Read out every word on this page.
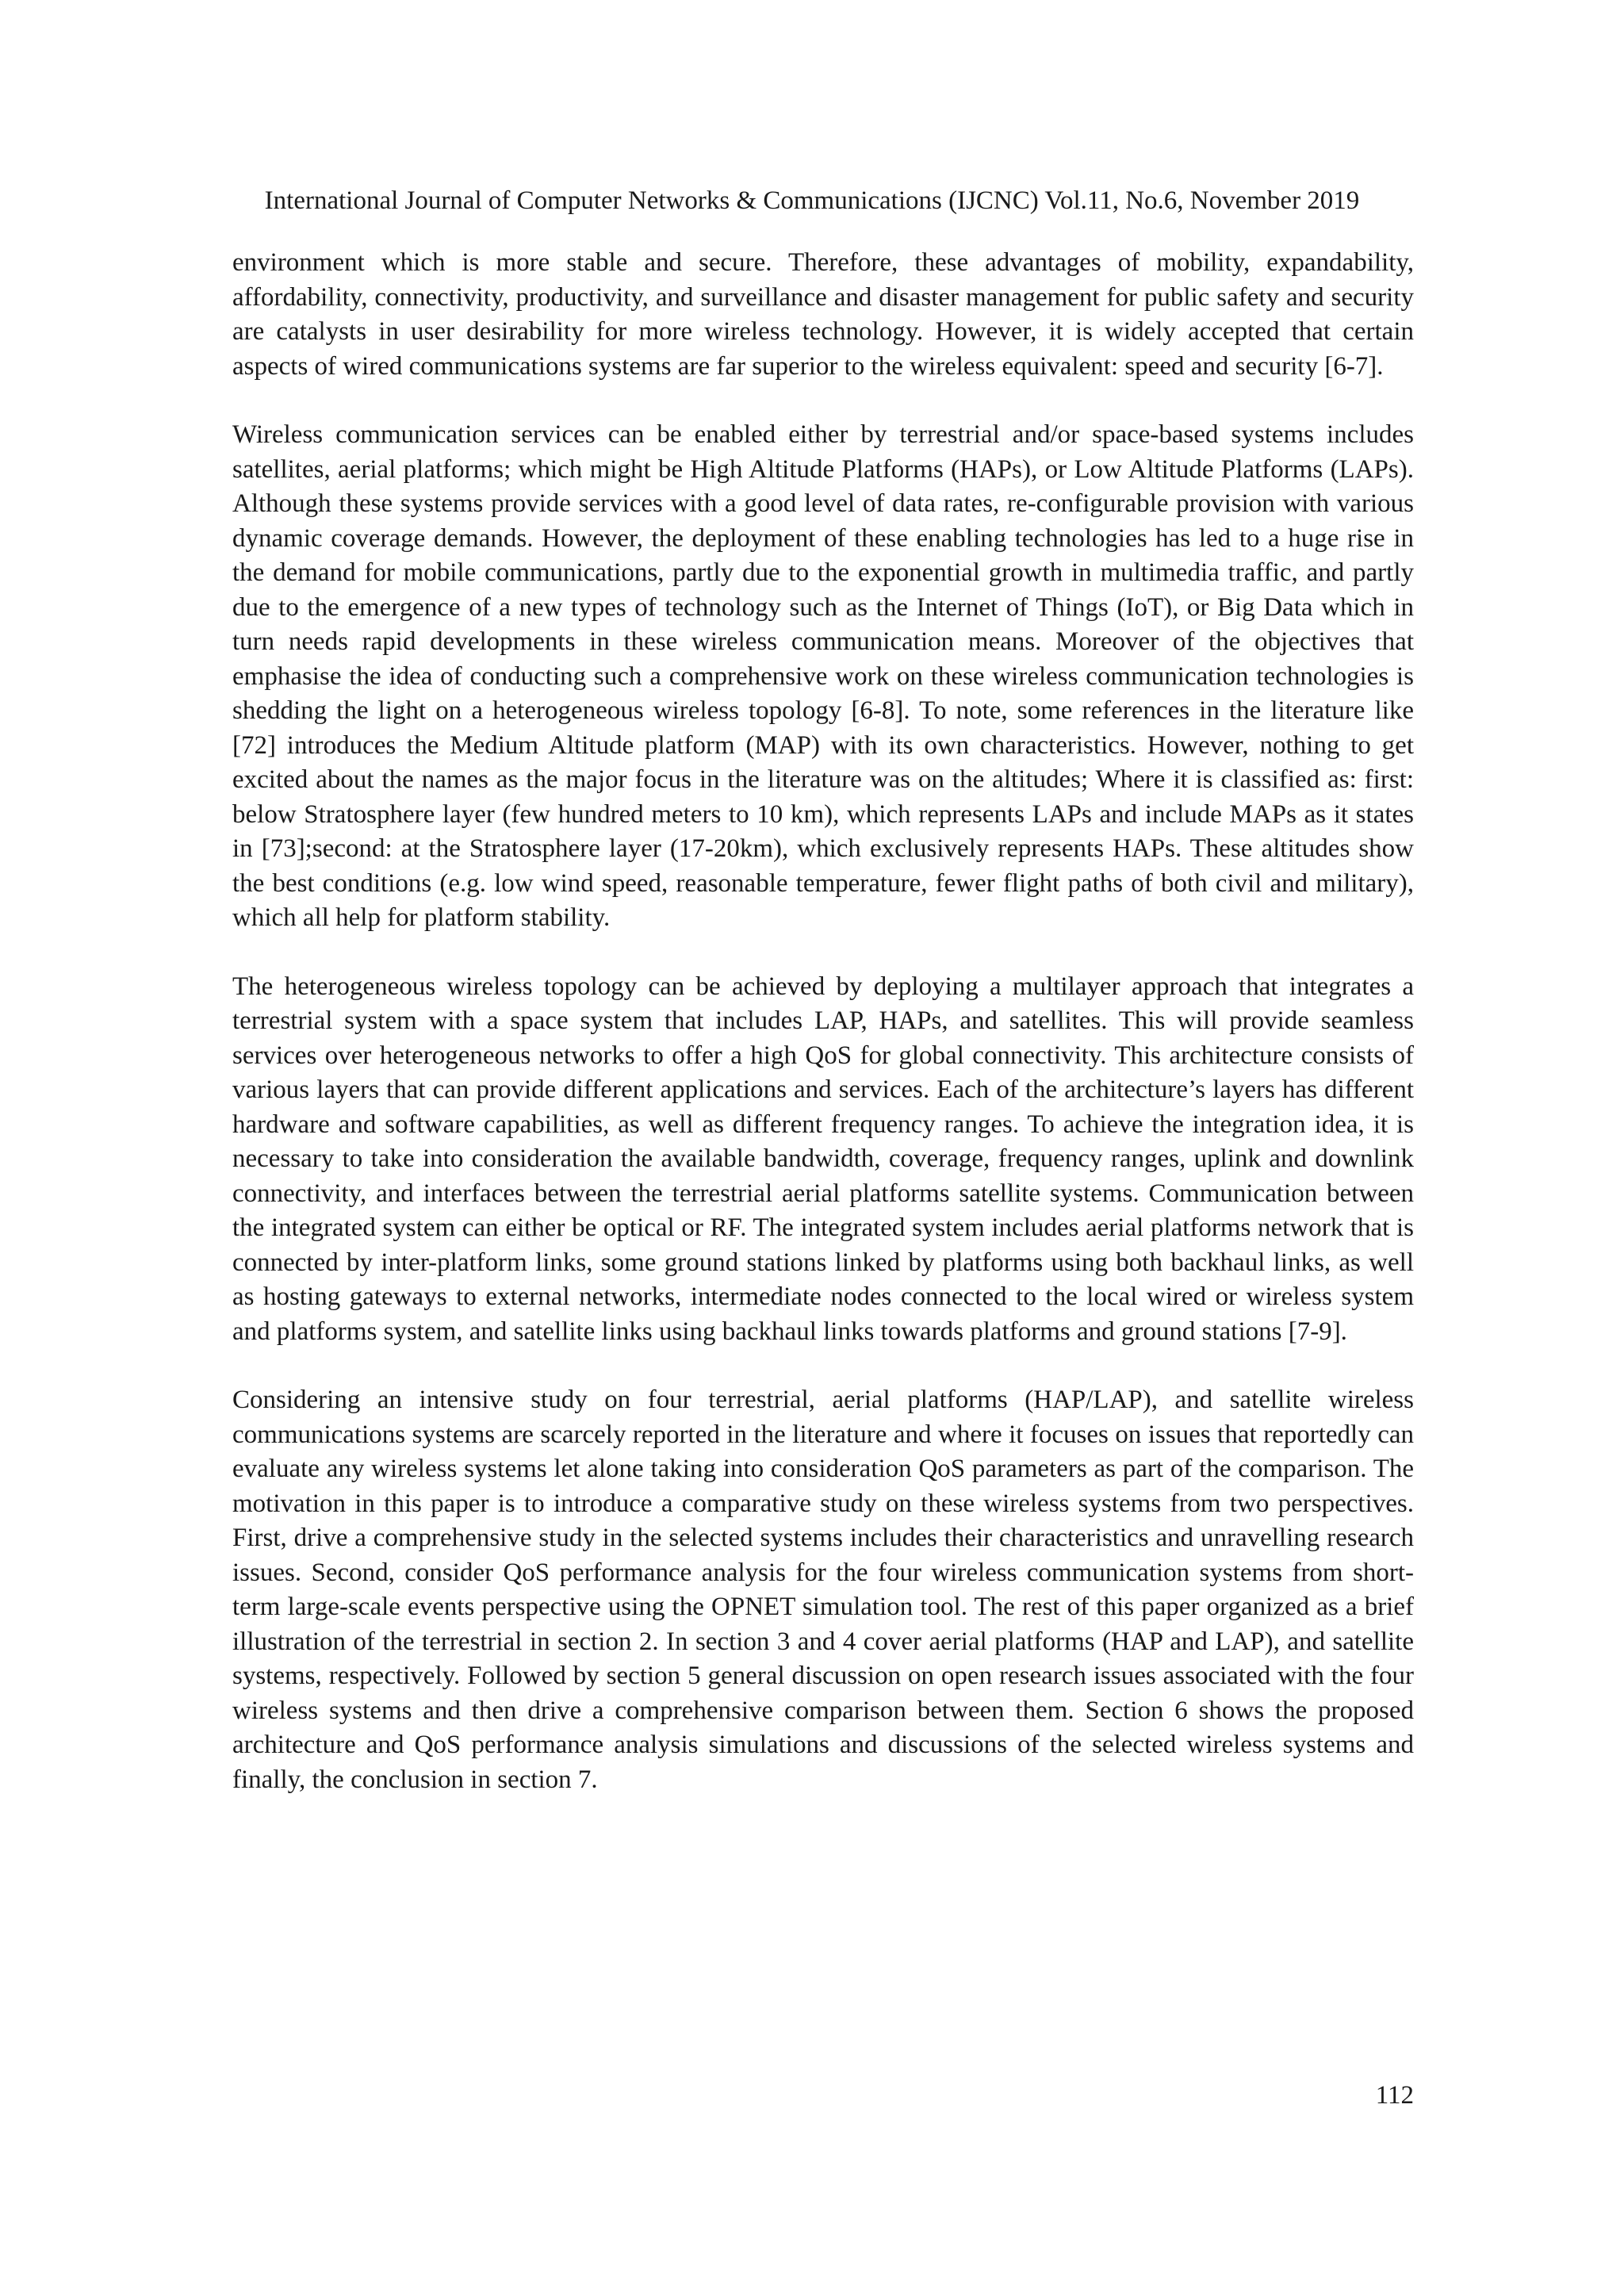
International Journal of Computer Networks & Communications (IJCNC) Vol.11, No.6, November 2019

environment which is more stable and secure. Therefore, these advantages of mobility, expandability, affordability, connectivity, productivity, and surveillance and disaster management for public safety and security are catalysts in user desirability for more wireless technology. However, it is widely accepted that certain aspects of wired communications systems are far superior to the wireless equivalent: speed and security [6-7].

Wireless communication services can be enabled either by terrestrial and/or space-based systems includes satellites, aerial platforms; which might be High Altitude Platforms (HAPs), or Low Altitude Platforms (LAPs). Although these systems provide services with a good level of data rates, re-configurable provision with various dynamic coverage demands. However, the deployment of these enabling technologies has led to a huge rise in the demand for mobile communications, partly due to the exponential growth in multimedia traffic, and partly due to the emergence of a new types of technology such as the Internet of Things (IoT), or Big Data which in turn needs rapid developments in these wireless communication means. Moreover of the objectives that emphasise the idea of conducting such a comprehensive work on these wireless communication technologies is shedding the light on a heterogeneous wireless topology [6-8]. To note, some references in the literature like [72] introduces the Medium Altitude platform (MAP) with its own characteristics. However, nothing to get excited about the names as the major focus in the literature was on the altitudes; Where it is classified as: first: below Stratosphere layer (few hundred meters to 10 km), which represents LAPs and include MAPs as it states in [73];second: at the Stratosphere layer (17-20km), which exclusively represents HAPs. These altitudes show the best conditions (e.g. low wind speed, reasonable temperature, fewer flight paths of both civil and military), which all help for platform stability.

The heterogeneous wireless topology can be achieved by deploying a multilayer approach that integrates a terrestrial system with a space system that includes LAP, HAPs, and satellites. This will provide seamless services over heterogeneous networks to offer a high QoS for global connectivity. This architecture consists of various layers that can provide different applications and services. Each of the architecture’s layers has different hardware and software capabilities, as well as different frequency ranges. To achieve the integration idea, it is necessary to take into consideration the available bandwidth, coverage, frequency ranges, uplink and downlink connectivity, and interfaces between the terrestrial aerial platforms satellite systems. Communication between the integrated system can either be optical or RF. The integrated system includes aerial platforms network that is connected by inter-platform links, some ground stations linked by platforms using both backhaul links, as well as hosting gateways to external networks, intermediate nodes connected to the local wired or wireless system and platforms system, and satellite links using backhaul links towards platforms and ground stations [7-9].

Considering an intensive study on four terrestrial, aerial platforms (HAP/LAP), and satellite wireless communications systems are scarcely reported in the literature and where it focuses on issues that reportedly can evaluate any wireless systems let alone taking into consideration QoS parameters as part of the comparison. The motivation in this paper is to introduce a comparative study on these wireless systems from two perspectives. First, drive a comprehensive study in the selected systems includes their characteristics and unravelling research issues. Second, consider QoS performance analysis for the four wireless communication systems from short-term large-scale events perspective using the OPNET simulation tool. The rest of this paper organized as a brief illustration of the terrestrial in section 2. In section 3 and 4 cover aerial platforms (HAP and LAP), and satellite systems, respectively. Followed by section 5 general discussion on open research issues associated with the four wireless systems and then drive a comprehensive comparison between them. Section 6 shows the proposed architecture and QoS performance analysis simulations and discussions of the selected wireless systems and finally, the conclusion in section 7.

112
